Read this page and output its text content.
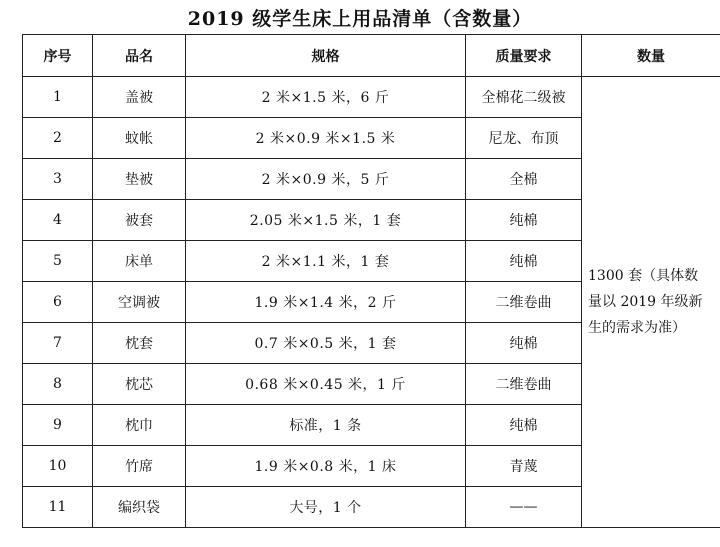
2019 级学生床上用品清单（含数量）
序号	品名	规格	质量要求	数量
1	盖被	2 米×1.5 米，6 斤	全棉花二级被	1300 套（具体数量以 2019 年级新生的需求为准）
2	蚊帐	2 米×0.9 米×1.5 米	尼龙、布顶	
3	垫被	2 米×0.9 米，5 斤	全棉	
4	被套	2.05 米×1.5 米，1 套	纯棉	
5	床单	2 米×1.1 米，1 套	纯棉	
6	空调被	1.9 米×1.4 米，2 斤	二维卷曲	
7	枕套	0.7 米×0.5 米，1 套	纯棉	
8	枕芯	0.68 米×0.45 米，1 斤	二维卷曲	
9	枕巾	标准，1 条	纯棉	
10	竹席	1.9 米×0.8 米，1 床	青蔑	
11	编织袋	大号，1 个	——	
